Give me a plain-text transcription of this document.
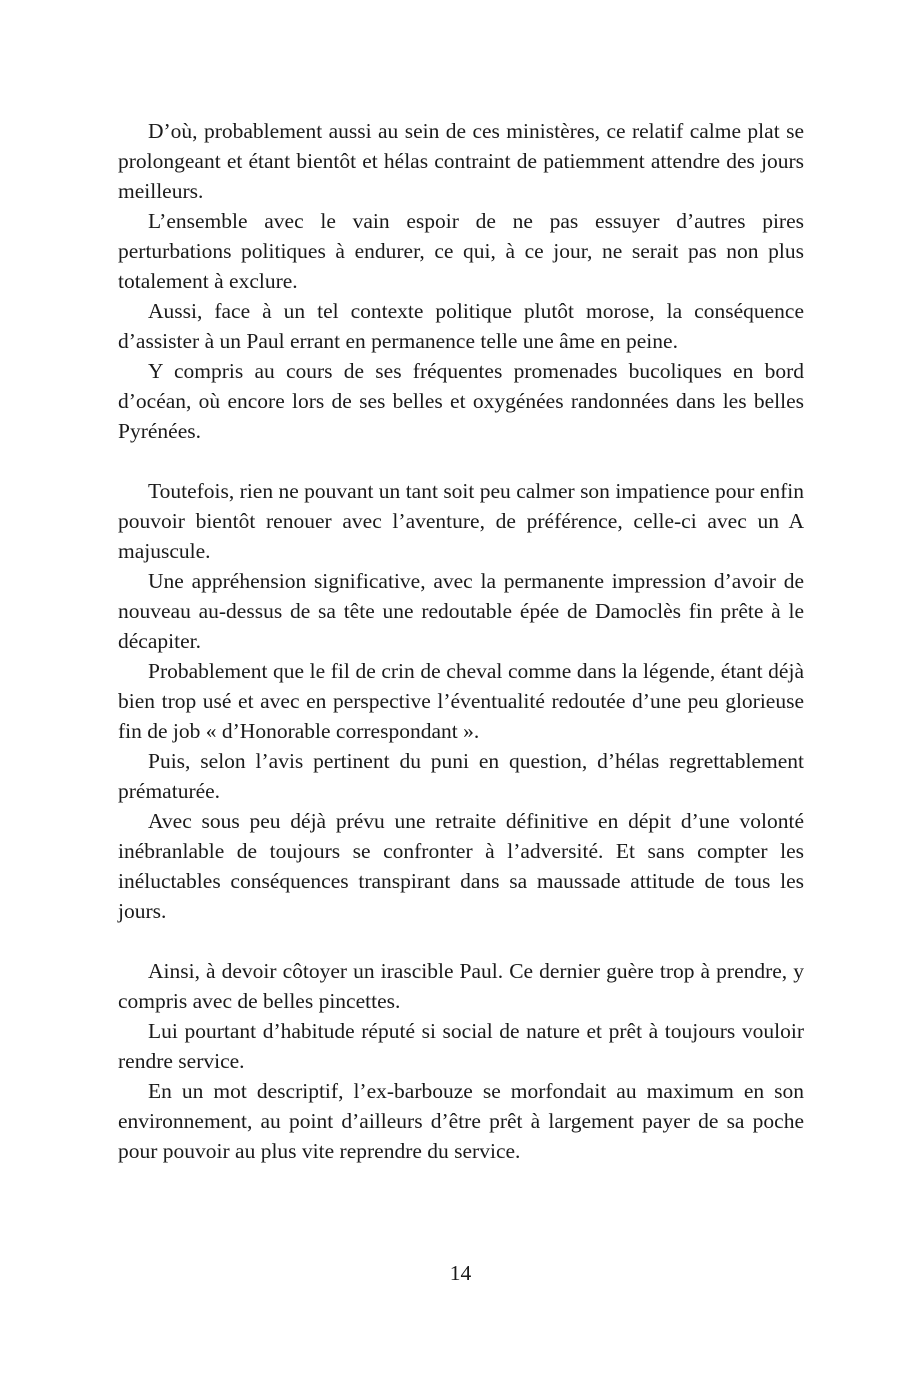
D’où, probablement aussi au sein de ces ministères, ce relatif calme plat se prolongeant et étant bientôt et hélas contraint de patiemment attendre des jours meilleurs.

L’ensemble avec le vain espoir de ne pas essuyer d’autres pires perturbations politiques à endurer, ce qui, à ce jour, ne serait pas non plus totalement à exclure.

Aussi, face à un tel contexte politique plutôt morose, la conséquence d’assister à un Paul errant en permanence telle une âme en peine.

Y compris au cours de ses fréquentes promenades bucoliques en bord d’océan, où encore lors de ses belles et oxygénées randonnées dans les belles Pyrénées.

Toutefois, rien ne pouvant un tant soit peu calmer son impatience pour enfin pouvoir bientôt renouer avec l’aventure, de préférence, celle-ci avec un A majuscule.

Une appréhension significative, avec la permanente impression d’avoir de nouveau au-dessus de sa tête une redoutable épée de Damoclès fin prête à le décapiter.

Probablement que le fil de crin de cheval comme dans la légende, étant déjà bien trop usé et avec en perspective l’éventualité redoutée d’une peu glorieuse fin de job « d’Honorable correspondant ».

Puis, selon l’avis pertinent du puni en question, d’hélas regrettablement prématurée.

Avec sous peu déjà prévu une retraite définitive en dépit d’une volonté inébranlable de toujours se confronter à l’adversité. Et sans compter les inéluctables conséquences transpirant dans sa maussade attitude de tous les jours.

Ainsi, à devoir côtoyer un irascible Paul. Ce dernier guère trop à prendre, y compris avec de belles pincettes.

Lui pourtant d’habitude réputé si social de nature et prêt à toujours vouloir rendre service.

En un mot descriptif, l’ex-barbouze se morfondait au maximum en son environnement, au point d’ailleurs d’être prêt à largement payer de sa poche pour pouvoir au plus vite reprendre du service.

14
